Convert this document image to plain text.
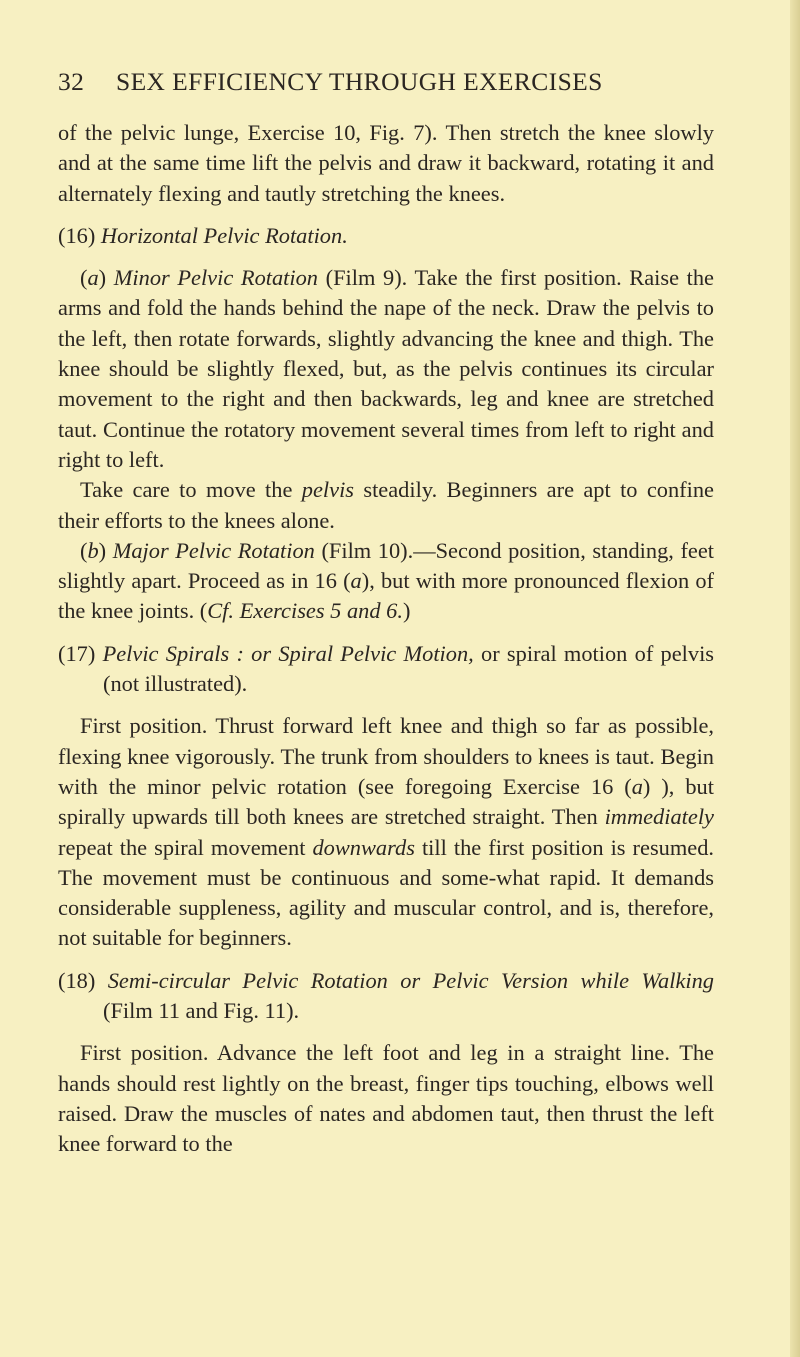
32 SEX EFFICIENCY THROUGH EXERCISES

of the pelvic lunge, Exercise 10, Fig. 7). Then stretch the knee slowly and at the same time lift the pelvis and draw it backward, rotating it and alternately flexing and tautly stretching the knees.

(16) Horizontal Pelvic Rotation.

(a) Minor Pelvic Rotation (Film 9). Take the first position. Raise the arms and fold the hands behind the nape of the neck. Draw the pelvis to the left, then rotate forwards, slightly advancing the knee and thigh. The knee should be slightly flexed, but, as the pelvis continues its circular movement to the right and then backwards, leg and knee are stretched taut. Continue the rotatory movement several times from left to right and right to left.

Take care to move the pelvis steadily. Beginners are apt to confine their efforts to the knees alone.

(b) Major Pelvic Rotation (Film 10).—Second position, standing, feet slightly apart. Proceed as in 16 (a), but with more pronounced flexion of the knee joints. (Cf. Exercises 5 and 6.)

(17) Pelvic Spirals : or Spiral Pelvic Motion, or spiral motion of pelvis (not illustrated).

First position. Thrust forward left knee and thigh so far as possible, flexing knee vigorously. The trunk from shoulders to knees is taut. Begin with the minor pelvic rotation (see foregoing Exercise 16 (a) ), but spirally upwards till both knees are stretched straight. Then immediately repeat the spiral movement downwards till the first position is resumed. The movement must be continuous and some-what rapid. It demands considerable suppleness, agility and muscular control, and is, therefore, not suitable for beginners.

(18) Semi-circular Pelvic Rotation or Pelvic Version while Walking (Film 11 and Fig. 11).

First position. Advance the left foot and leg in a straight line. The hands should rest lightly on the breast, finger tips touching, elbows well raised. Draw the muscles of nates and abdomen taut, then thrust the left knee forward to the
